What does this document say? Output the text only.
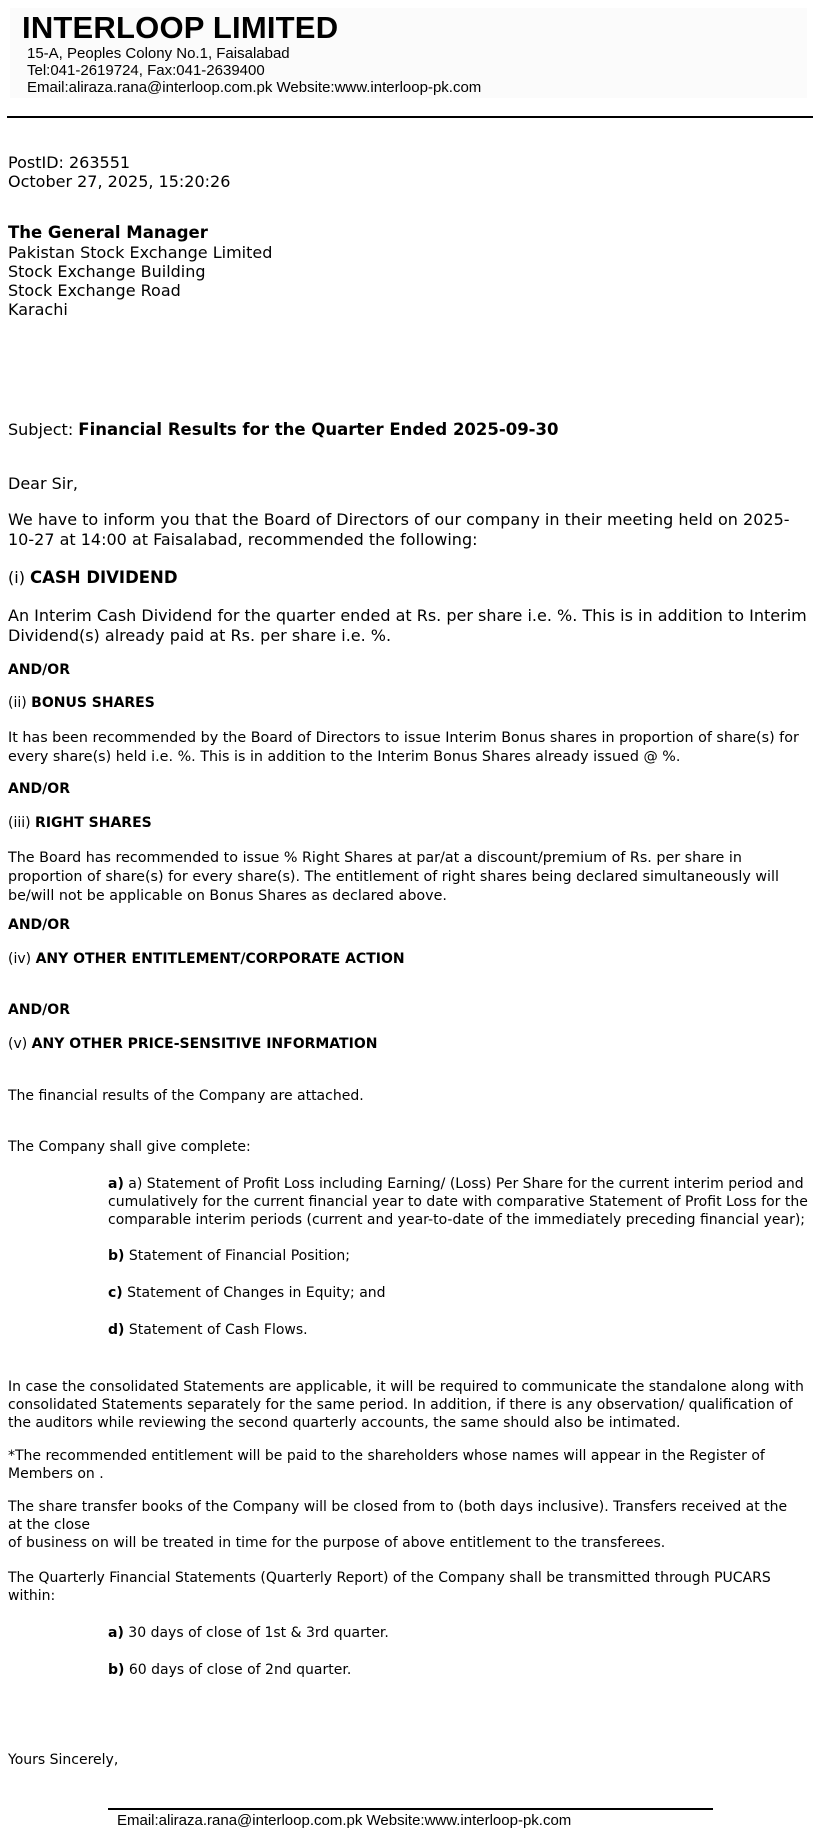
INTERLOOP LIMITED
15-A, Peoples Colony No.1, Faisalabad
Tel:041-2619724, Fax:041-2639400
Email:aliraza.rana@interloop.com.pk Website:www.interloop-pk.com
PostID: 263551
October 27, 2025, 15:20:26
The General Manager
Pakistan Stock Exchange Limited
Stock Exchange Building
Stock Exchange Road
Karachi
Subject: Financial Results for the Quarter Ended 2025-09-30
Dear Sir,
We have to inform you that the Board of Directors of our company in their meeting held on 2025-10-27 at 14:00 at Faisalabad, recommended the following:
(i) CASH DIVIDEND
An Interim Cash Dividend for the quarter ended at Rs. per share i.e. %. This is in addition to Interim Dividend(s) already paid at Rs. per share i.e. %.
AND/OR
(ii) BONUS SHARES
It has been recommended by the Board of Directors to issue Interim Bonus shares in proportion of share(s) for every share(s) held i.e. %. This is in addition to the Interim Bonus Shares already issued @ %.
AND/OR
(iii) RIGHT SHARES
The Board has recommended to issue % Right Shares at par/at a discount/premium of Rs. per share in proportion of share(s) for every share(s). The entitlement of right shares being declared simultaneously will be/will not be applicable on Bonus Shares as declared above.
AND/OR
(iv) ANY OTHER ENTITLEMENT/CORPORATE ACTION
AND/OR
(v) ANY OTHER PRICE-SENSITIVE INFORMATION
The financial results of the Company are attached.
The Company shall give complete:
a) a) Statement of Profit Loss including Earning/ (Loss) Per Share for the current interim period and cumulatively for the current financial year to date with comparative Statement of Profit Loss for the comparable interim periods (current and year-to-date of the immediately preceding financial year);
b) Statement of Financial Position;
c) Statement of Changes in Equity; and
d) Statement of Cash Flows.
In case the consolidated Statements are applicable, it will be required to communicate the standalone along with consolidated Statements separately for the same period. In addition, if there is any observation/ qualification of the auditors while reviewing the second quarterly accounts, the same should also be intimated.
*The recommended entitlement will be paid to the shareholders whose names will appear in the Register of Members on .
The share transfer books of the Company will be closed from to (both days inclusive). Transfers received at the
at the close
of business on will be treated in time for the purpose of above entitlement to the transferees.
The Quarterly Financial Statements (Quarterly Report) of the Company shall be transmitted through PUCARS within:
a) 30 days of close of 1st & 3rd quarter.
b) 60 days of close of 2nd quarter.
Yours Sincerely,
Email:aliraza.rana@interloop.com.pk Website:www.interloop-pk.com
